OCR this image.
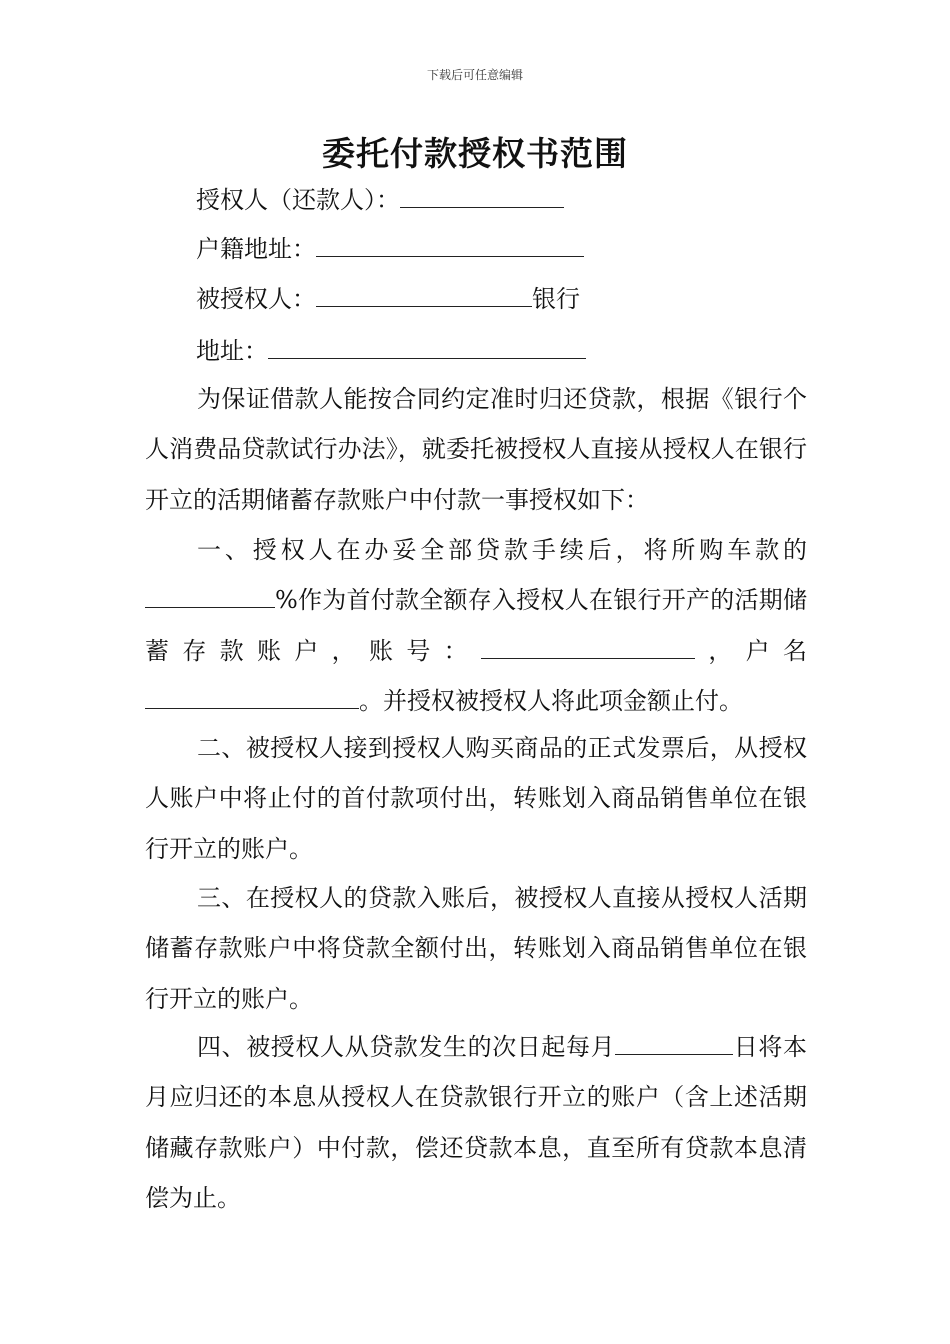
下载后可任意编辑
委托付款授权书范围
授权人（还款人）：
户籍地址：
被授权人：	银行
地址：
为保证借款人能按合同约定准时归还贷款，根据《银行个人消费品贷款试行办法》，就委托被授权人直接从授权人在银行开立的活期储蓄存款账户中付款一事授权如下：
一、授权人在办妥全部贷款手续后，将所购车款的%作为首付款全额存入授权人在银行开产的活期储蓄存款账户，账号：	，户名。并授权被授权人将此项金额止付。
二、被授权人接到授权人购买商品的正式发票后，从授权人账户中将止付的首付款项付出，转账划入商品销售单位在银行开立的账户。
三、在授权人的贷款入账后，被授权人直接从授权人活期储蓄存款账户中将贷款全额付出，转账划入商品销售单位在银行开立的账户。
四、被授权人从贷款发生的次日起每月	日将本月应归还的本息从授权人在贷款银行开立的账户（含上述活期储藏存款账户）中付款，偿还贷款本息，直至所有贷款本息清偿为止。
